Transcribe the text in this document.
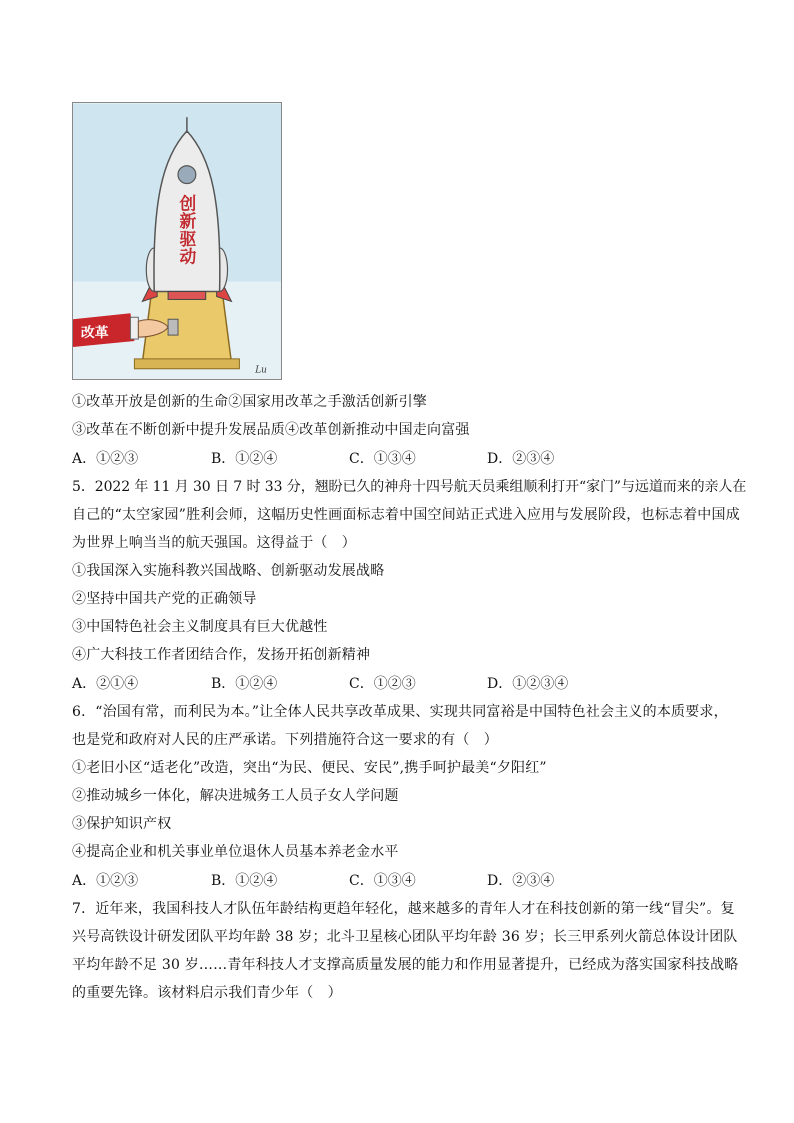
创新驱动
改革
Lu
①改革开放是创新的生命②国家用改革之手激活创新引擎
③改革在不断创新中提升发展品质④改革创新推动中国走向富强
A．①②③	B．①②④	C．①③④	D．②③④
5．2022 年 11 月 30 日 7 时 33 分，翘盼已久的神舟十四号航天员乘组顺利打开“家门”与远道而来的亲人在
自己的“太空家园”胜利会师，这幅历史性画面标志着中国空间站正式进入应用与发展阶段，也标志着中国成
为世界上响当当的航天强国。这得益于（　）
①我国深入实施科教兴国战略、创新驱动发展战略
②坚持中国共产党的正确领导
③中国特色社会主义制度具有巨大优越性
④广大科技工作者团结合作，发扬开拓创新精神
A．②①④	B．①②④	C．①②③	D．①②③④
6．“治国有常，而利民为本。”让全体人民共享改革成果、实现共同富裕是中国特色社会主义的本质要求，
也是党和政府对人民的庄严承诺。下列措施符合这一要求的有（　）
①老旧小区“适老化”改造，突出“为民、便民、安民”,携手呵护最美“夕阳红”
②推动城乡一体化，解决进城务工人员子女人学问题
③保护知识产权
④提高企业和机关事业单位退休人员基本养老金水平
A．①②③	B．①②④	C．①③④	D．②③④
7．近年来，我国科技人才队伍年龄结构更趋年轻化，越来越多的青年人才在科技创新的第一线“冒尖”。复
兴号高铁设计研发团队平均年龄 38 岁；北斗卫星核心团队平均年龄 36 岁；长三甲系列火箭总体设计团队
平均年龄不足 30 岁……青年科技人才支撑高质量发展的能力和作用显著提升，已经成为落实国家科技战略
的重要先锋。该材料启示我们青少年（　）
